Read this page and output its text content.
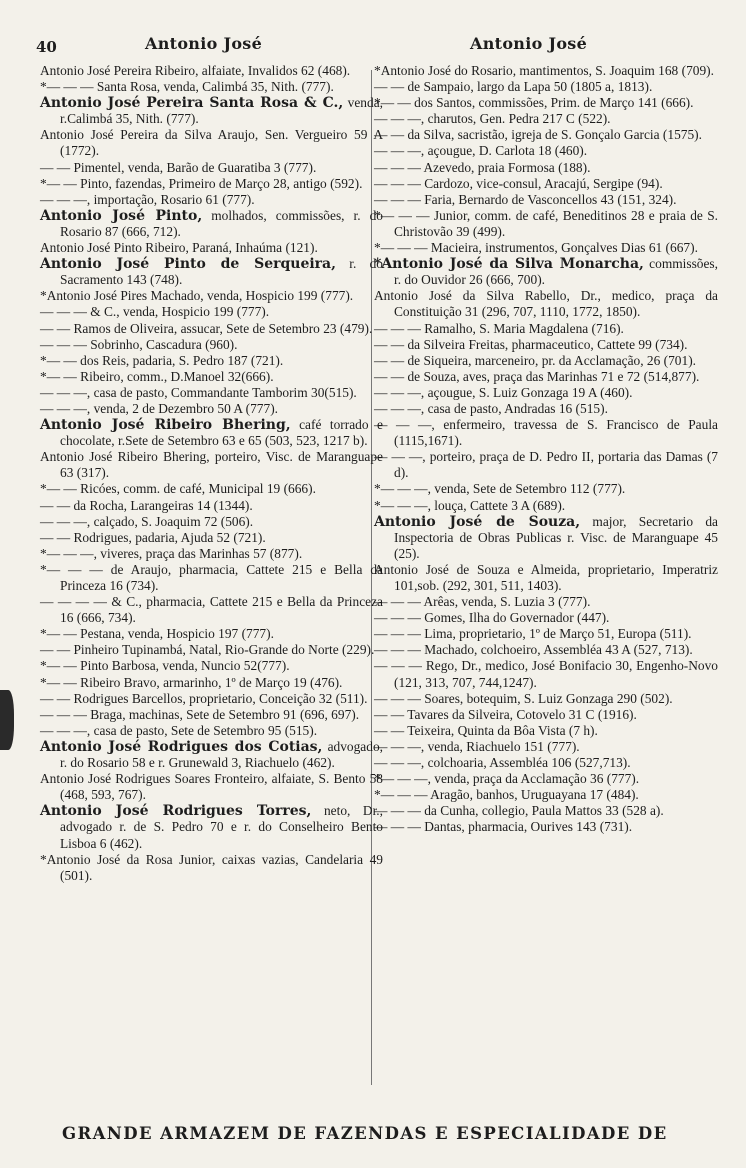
40	Antonio José	Antonio José

Antonio José Pereira Ribeiro, alfaiate, Invalidos 62 (468).

*— — — Santa Rosa, venda, Calimbá 35, Nith. (777).

Antonio José Pereira Santa Rosa & C., venda, r.Calimbá 35, Nith. (777).

Antonio José Pereira da Silva Araujo, Sen. Vergueiro 59 A (1772).

— — Pimentel, venda, Barão de Guaratiba 3 (777).

*— — Pinto, fazendas, Primeiro de Março 28, antigo (592).

— — —, importação, Rosario 61 (777).

Antonio José Pinto, molhados, commissões, r. do Rosario 87 (666, 712).

Antonio José Pinto Ribeiro, Paraná, Inhaúma (121).

Antonio José Pinto de Serqueira, r. do Sacramento 143 (748).

*Antonio José Pires Machado, venda, Hospicio 199 (777).

— — — & C., venda, Hospicio 199 (777).

— — Ramos de Oliveira, assucar, Sete de Setembro 23 (479).

— — — Sobrinho, Cascadura (960).

*— — dos Reis, padaria, S. Pedro 187 (721).

*— — Ribeiro, comm., D.Manoel 32(666).

— — —, casa de pasto, Commandante Tamborim 30(515).

— — —, venda, 2 de Dezembro 50 A (777).

Antonio José Ribeiro Bhering, café torrado e chocolate, r.Sete de Setembro 63 e 65 (503, 523, 1217 b).

Antonio José Ribeiro Bhering, porteiro, Visc. de Maranguape 63 (317).

*— — Ricóes, comm. de café, Municipal 19 (666).

— — da Rocha, Larangeiras 14 (1344).

— — —, calçado, S. Joaquim 72 (506).

— — Rodrigues, padaria, Ajuda 52 (721).

*— — —, viveres, praça das Marinhas 57 (877).

*— — — de Araujo, pharmacia, Cattete 215 e Bella da Princeza 16 (734).

— — — — & C., pharmacia, Cattete 215 e Bella da Princeza 16 (666, 734).

*— — Pestana, venda, Hospicio 197 (777).

— — Pinheiro Tupinambá, Natal, Rio-Grande do Norte (229).

*— — Pinto Barbosa, venda, Nuncio 52(777).

*— — Ribeiro Bravo, armarinho, 1º de Março 19 (476).

— — Rodrigues Barcellos, proprietario, Conceição 32 (511).

— — — Braga, machinas, Sete de Setembro 91 (696, 697).

— — —, casa de pasto, Sete de Setembro 95 (515).

Antonio José Rodrigues dos Cotias, advogado, r. do Rosario 58 e r. Grunewald 3, Riachuelo (462).

Antonio José Rodrigues Soares Fronteiro, alfaiate, S. Bento 58 (468, 593, 767).

Antonio José Rodrigues Torres, neto, Dr., advogado r. de S. Pedro 70 e r. do Conselheiro Bento Lisboa 6 (462).

*Antonio José da Rosa Junior, caixas vazias, Candelaria 49 (501).

*Antonio José do Rosario, mantimentos, S. Joaquim 168 (709).

— — de Sampaio, largo da Lapa 50 (1805 a, 1813).

*— — dos Santos, commissões, Prim. de Março 141 (666).

— — —, charutos, Gen. Pedra 217 C (522).

— — da Silva, sacristão, igreja de S. Gonçalo Garcia (1575).

— — —, açougue, D. Carlota 18 (460).

— — — Azevedo, praia Formosa (188).

— — — Cardozo, vice-consul, Aracajú, Sergipe (94).

— — — Faria, Bernardo de Vasconcellos 43 (151, 324).

*— — — Junior, comm. de café, Beneditinos 28 e praia de S. Christovão 39 (499).

*— — — Macieira, instrumentos, Gonçalves Dias 61 (667).

*Antonio José da Silva Monarcha, commissões, r. do Ouvidor 26 (666, 700).

Antonio José da Silva Rabello, Dr., medico, praça da Constituição 31 (296, 707, 1110, 1772, 1850).

— — — Ramalho, S. Maria Magdalena (716).

— — da Silveira Freitas, pharmaceutico, Cattete 99 (734).

— — de Siqueira, marceneiro, pr. da Acclamação, 26 (701).

— — de Souza, aves, praça das Marinhas 71 e 72 (514,877).

— — —, açougue, S. Luiz Gonzaga 19 A (460).

— — —, casa de pasto, Andradas 16 (515).

— — —, enfermeiro, travessa de S. Francisco de Paula (1115,1671).

— — —, porteiro, praça de D. Pedro II, portaria das Damas (7 d).

*— — —, venda, Sete de Setembro 112 (777).

*— — —, louça, Cattete 3 A (689).

Antonio José de Souza, major, Secretario da Inspectoria de Obras Publicas r. Visc. de Maranguape 45 (25).

Antonio José de Souza e Almeida, proprietario, Imperatriz 101,sob. (292, 301, 511, 1403).

— — — Arêas, venda, S. Luzia 3 (777).

— — — Gomes, Ilha do Governador (447).

— — — Lima, proprietario, 1º de Março 51, Europa (511).

— — — Machado, colchoeiro, Assembléa 43 A (527, 713).

— — — Rego, Dr., medico, José Bonifacio 30, Engenho-Novo (121, 313, 707, 744,1247).

— — — Soares, botequim, S. Luiz Gonzaga 290 (502).

— — Tavares da Silveira, Cotovelo 31 C (1916).

— — Teixeira, Quinta da Bôa Vista (7 h).

— — —, venda, Riachuelo 151 (777).

— — —, colchoaria, Assembléa 106 (527,713).

*— — —, venda, praça da Acclamação 36 (777).

*— — — Aragão, banhos, Uruguayana 17 (484).

— — — da Cunha, collegio, Paula Mattos 33 (528 a).

— — — Dantas, pharmacia, Ourives 143 (731).

GRANDE ARMAZEM DE FAZENDAS E ESPECIALIDADE DE
